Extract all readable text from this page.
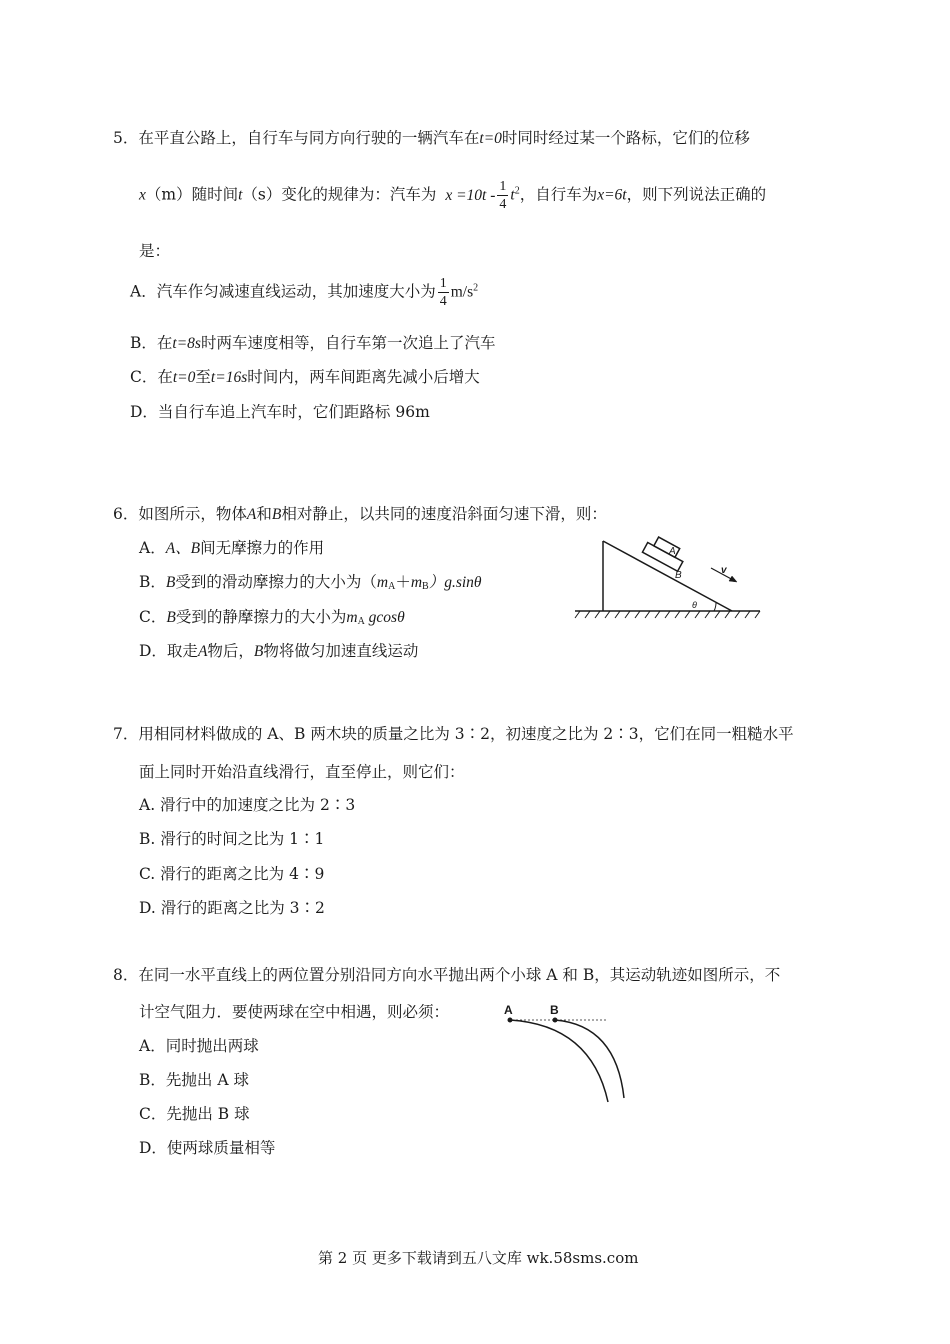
5．在平直公路上，自行车与同方向行驶的一辆汽车在t=0时同时经过某一个路标，它们的位移
x（m）随时间t（s）变化的规律为：汽车为 $x =10t - \frac{1}{4} t^2$，自行车为x=6t，则下列说法正确的
是：
A．汽车作匀减速直线运动，其加速度大小为 $\frac{1}{4} m/s^2$
B．在t=8s时两车速度相等，自行车第一次追上了汽车
C．在t=0至t=16s时间内，两车间距离先减小后增大
D．当自行车追上汽车时，它们距路标 96m
6．如图所示，物体A和B相对静止，以共同的速度沿斜面匀速下滑，则：
A．A、B间无摩擦力的作用
B．B受到的滑动摩擦力的大小为$(m_A+m_B)g.\sin\theta$
C．B受到的静摩擦力的大小为$m_A$ gcosθ
D．取走A物后，B物将做匀加速直线运动
A
B	v
θ
7．用相同材料做成的 A、B 两木块的质量之比为 3∶2，初速度之比为 2∶3，它们在同一粗糙水平
面上同时开始沿直线滑行，直至停止，则它们：
A. 滑行中的加速度之比为 2∶3
B. 滑行的时间之比为 1∶1
C. 滑行的距离之比为 4∶9
D. 滑行的距离之比为 3∶2
8．在同一水平直线上的两位置分别沿同方向水平抛出两个小球 A 和 B，其运动轨迹如图所示，不
计空气阻力．要使两球在空中相遇，则必须：
A．同时抛出两球
B．先抛出 A 球
C．先抛出 B 球
D．使两球质量相等
A	B
第 2 页 更多下载请到五八文库 wk.58sms.com
